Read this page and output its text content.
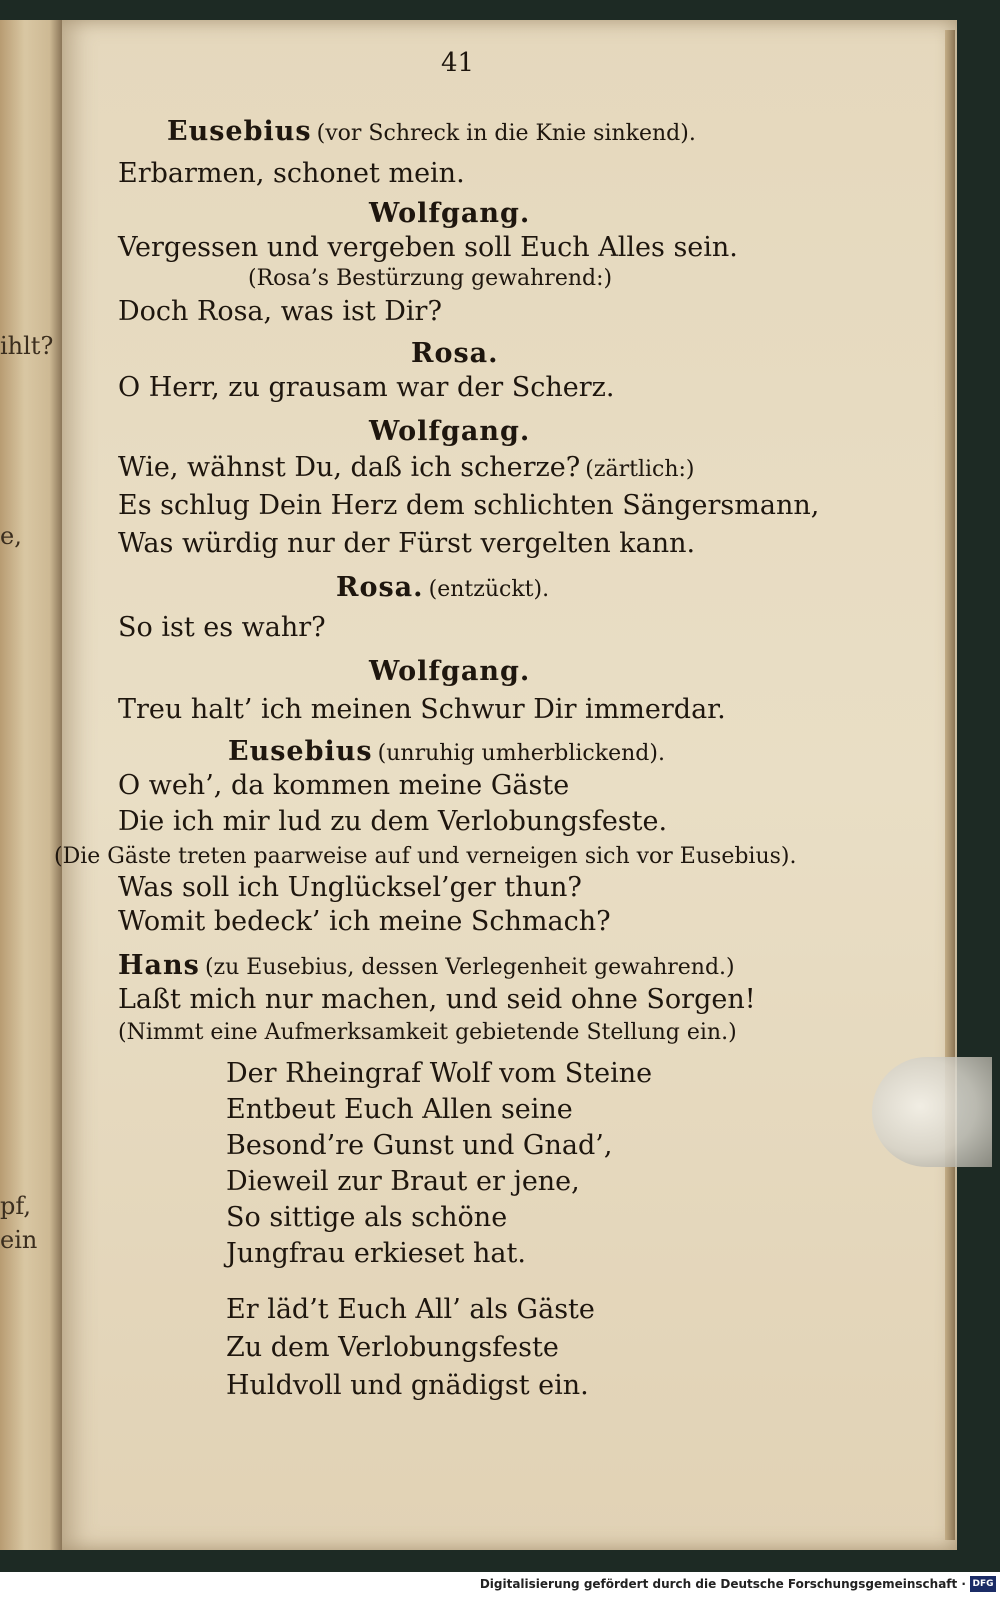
ihlt?
e,
pf,
ein
41
Eusebius (vor Schreck in die Knie sinkend).
Erbarmen, schonet mein.
Wolfgang.
Vergessen und vergeben soll Euch Alles sein.
(Rosa’s Bestürzung gewahrend:)
Doch Rosa, was ist Dir?
Rosa.
O Herr, zu grausam war der Scherz.
Wolfgang.
Wie, wähnst Du, daß ich scherze? (zärtlich:)
Es schlug Dein Herz dem schlichten Sängersmann,
Was würdig nur der Fürst vergelten kann.
Rosa. (entzückt).
So ist es wahr?
Wolfgang.
Treu halt’ ich meinen Schwur Dir immerdar.
Eusebius (unruhig umherblickend).
O weh’, da kommen meine Gäste
Die ich mir lud zu dem Verlobungsfeste.
(Die Gäste treten paarweise auf und verneigen sich vor Eusebius).
Was soll ich Unglücksel’ger thun?
Womit bedeck’ ich meine Schmach?
Hans (zu Eusebius, dessen Verlegenheit gewahrend.)
Laßt mich nur machen, und seid ohne Sorgen!
(Nimmt eine Aufmerksamkeit gebietende Stellung ein.)
Der Rheingraf Wolf vom Steine
Entbeut Euch Allen seine
Besond’re Gunst und Gnad’,
Dieweil zur Braut er jene,
So sittige als schöne
Jungfrau erkieset hat.
Er läd’t Euch All’ als Gäste
Zu dem Verlobungsfeste
Huldvoll und gnädigst ein.
Digitalisierung gefördert durch die Deutsche Forschungsgemeinschaft · DFG
